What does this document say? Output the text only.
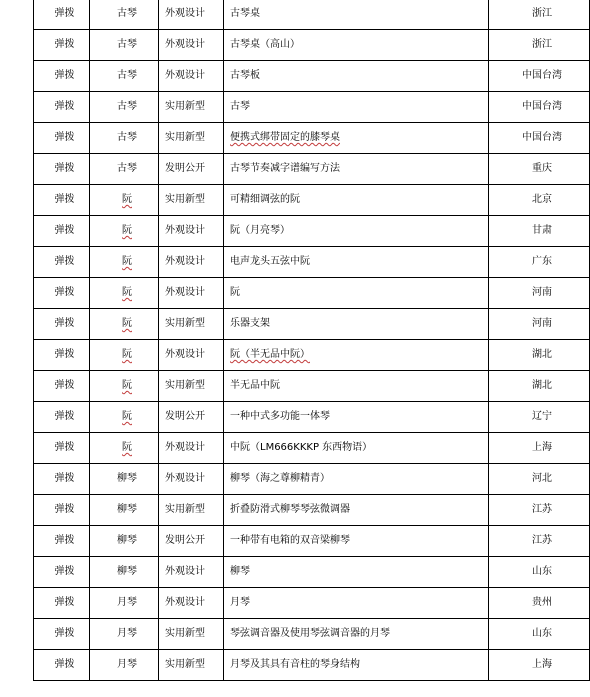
弹拨	古琴	外观设计	古琴桌	浙江
弹拨	古琴	外观设计	古琴桌（高山）	浙江
弹拨	古琴	外观设计	古琴板	中国台湾
弹拨	古琴	实用新型	古琴	中国台湾
弹拨	古琴	实用新型	便携式绑带固定的膝琴桌	中国台湾
弹拨	古琴	发明公开	古琴节奏减字谱编写方法	重庆
弹拨	阮	实用新型	可精细调弦的阮	北京
弹拨	阮	外观设计	阮（月亮琴）	甘肃
弹拨	阮	外观设计	电声龙头五弦中阮	广东
弹拨	阮	外观设计	阮	河南
弹拨	阮	实用新型	乐器支架	河南
弹拨	阮	外观设计	阮（半无品中阮）	湖北
弹拨	阮	实用新型	半无品中阮	湖北
弹拨	阮	发明公开	一种中式多功能一体琴	辽宁
弹拨	阮	外观设计	中阮（LM666KKKP 东西物语）	上海
弹拨	柳琴	外观设计	柳琴（海之尊柳精青）	河北
弹拨	柳琴	实用新型	折叠防滑式柳琴琴弦微调器	江苏
弹拨	柳琴	发明公开	一种带有电箱的双音梁柳琴	江苏
弹拨	柳琴	外观设计	柳琴	山东
弹拨	月琴	外观设计	月琴	贵州
弹拨	月琴	实用新型	琴弦调音器及使用琴弦调音器的月琴	山东
弹拨	月琴	实用新型	月琴及其具有音柱的琴身结构	上海
